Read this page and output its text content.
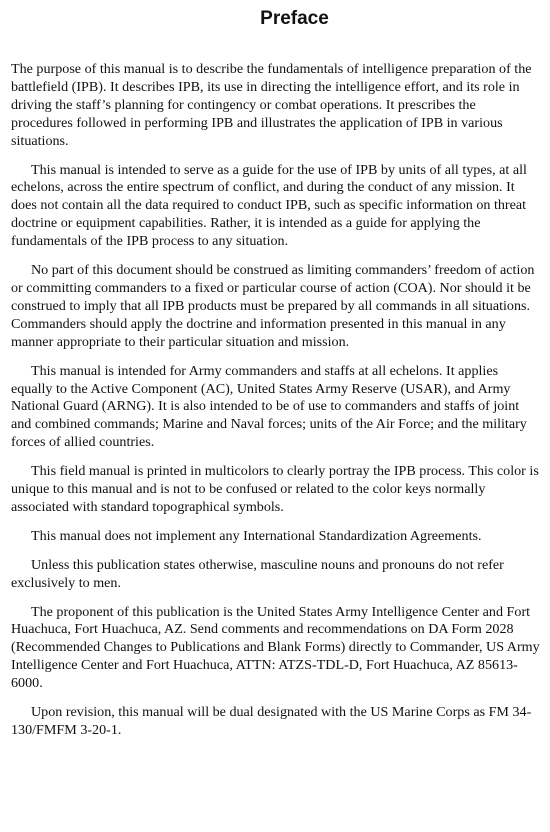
Preface

The purpose of this manual is to describe the fundamentals of intelligence preparation of the battlefield (IPB). It describes IPB, its use in directing the intelligence effort, and its role in driving the staff’s planning for contingency or combat operations. It prescribes the procedures followed in performing IPB and illustrates the application of IPB in various situations.

This manual is intended to serve as a guide for the use of IPB by units of all types, at all echelons, across the entire spectrum of conflict, and during the conduct of any mission. It does not contain all the data required to conduct IPB, such as specific information on threat doctrine or equipment capabilities. Rather, it is intended as a guide for applying the fundamentals of the IPB process to any situation.

No part of this document should be construed as limiting commanders’ freedom of action or committing commanders to a fixed or particular course of action (COA). Nor should it be construed to imply that all IPB products must be prepared by all commands in all situations. Commanders should apply the doctrine and information presented in this manual in any manner appropriate to their particular situation and mission.

This manual is intended for Army commanders and staffs at all echelons. It applies equally to the Active Component (AC), United States Army Reserve (USAR), and Army National Guard (ARNG). It is also intended to be of use to commanders and staffs of joint and combined commands; Marine and Naval forces; units of the Air Force; and the military forces of allied countries.

This field manual is printed in multicolors to clearly portray the IPB process. This color is unique to this manual and is not to be confused or related to the color keys normally associated with standard topographical symbols.

This manual does not implement any International Standardization Agreements.

Unless this publication states otherwise, masculine nouns and pronouns do not refer exclusively to men.

The proponent of this publication is the United States Army Intelligence Center and Fort Huachuca, Fort Huachuca, AZ. Send comments and recommendations on DA Form 2028 (Recommended Changes to Publications and Blank Forms) directly to Commander, US Army Intelligence Center and Fort Huachuca, ATTN: ATZS-TDL-D, Fort Huachuca, AZ 85613-6000.

Upon revision, this manual will be dual designated with the US Marine Corps as FM 34-130/FMFM 3-20-1.
